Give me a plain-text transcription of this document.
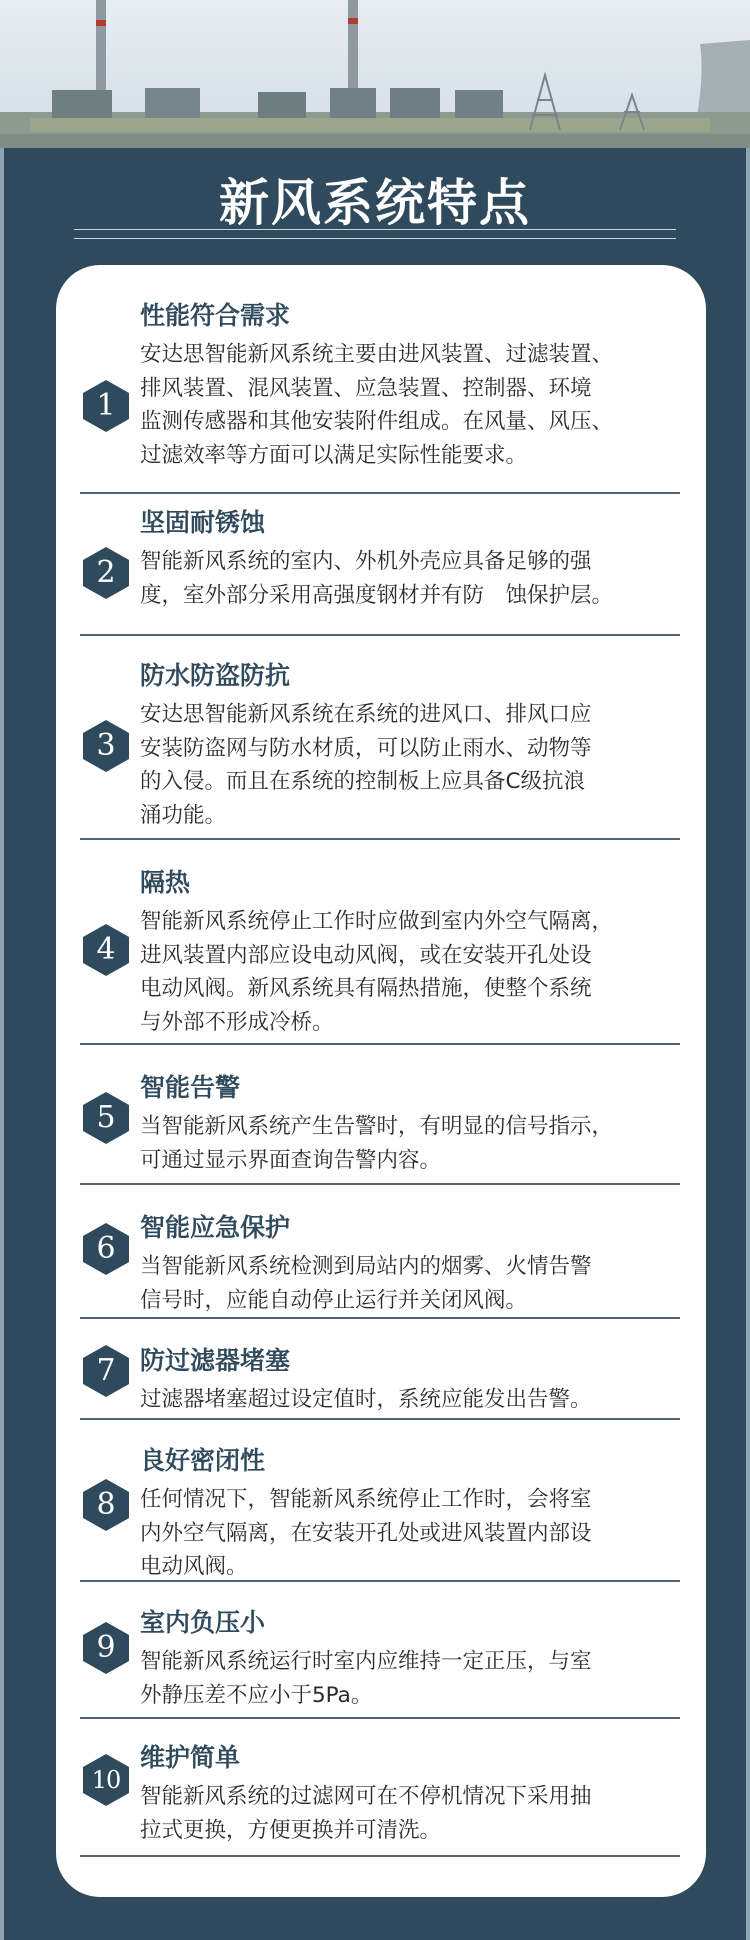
新风系统特点
性能符合需求
安达思智能新风系统主要由进风装置、过滤装置、
排风装置、混风装置、应急装置、控制器、环境
监测传感器和其他安装附件组成。在风量、风压、
过滤效率等方面可以满足实际性能要求。
1
坚固耐锈蚀
智能新风系统的室内、外机外壳应具备足够的强
度，室外部分采用高强度钢材并有防　蚀保护层。
2
防水防盗防抗
安达思智能新风系统在系统的进风口、排风口应
安装防盗网与防水材质，可以防止雨水、动物等
的入侵。而且在系统的控制板上应具备C级抗浪
涌功能。
3
隔热
智能新风系统停止工作时应做到室内外空气隔离，
进风装置内部应设电动风阀，或在安装开孔处设
电动风阀。新风系统具有隔热措施，使整个系统
与外部不形成冷桥。
4
智能告警
当智能新风系统产生告警时，有明显的信号指示，
可通过显示界面查询告警内容。
5
智能应急保护
当智能新风系统检测到局站内的烟雾、火情告警
信号时，应能自动停止运行并关闭风阀。
6
防过滤器堵塞
过滤器堵塞超过设定值时，系统应能发出告警。
7
良好密闭性
任何情况下，智能新风系统停止工作时，会将室
内外空气隔离，在安装开孔处或进风装置内部设
电动风阀。
8
室内负压小
智能新风系统运行时室内应维持一定正压，与室
外静压差不应小于5Pa。
9
维护简单
智能新风系统的过滤网可在不停机情况下采用抽
拉式更换，方便更换并可清洗。
10
